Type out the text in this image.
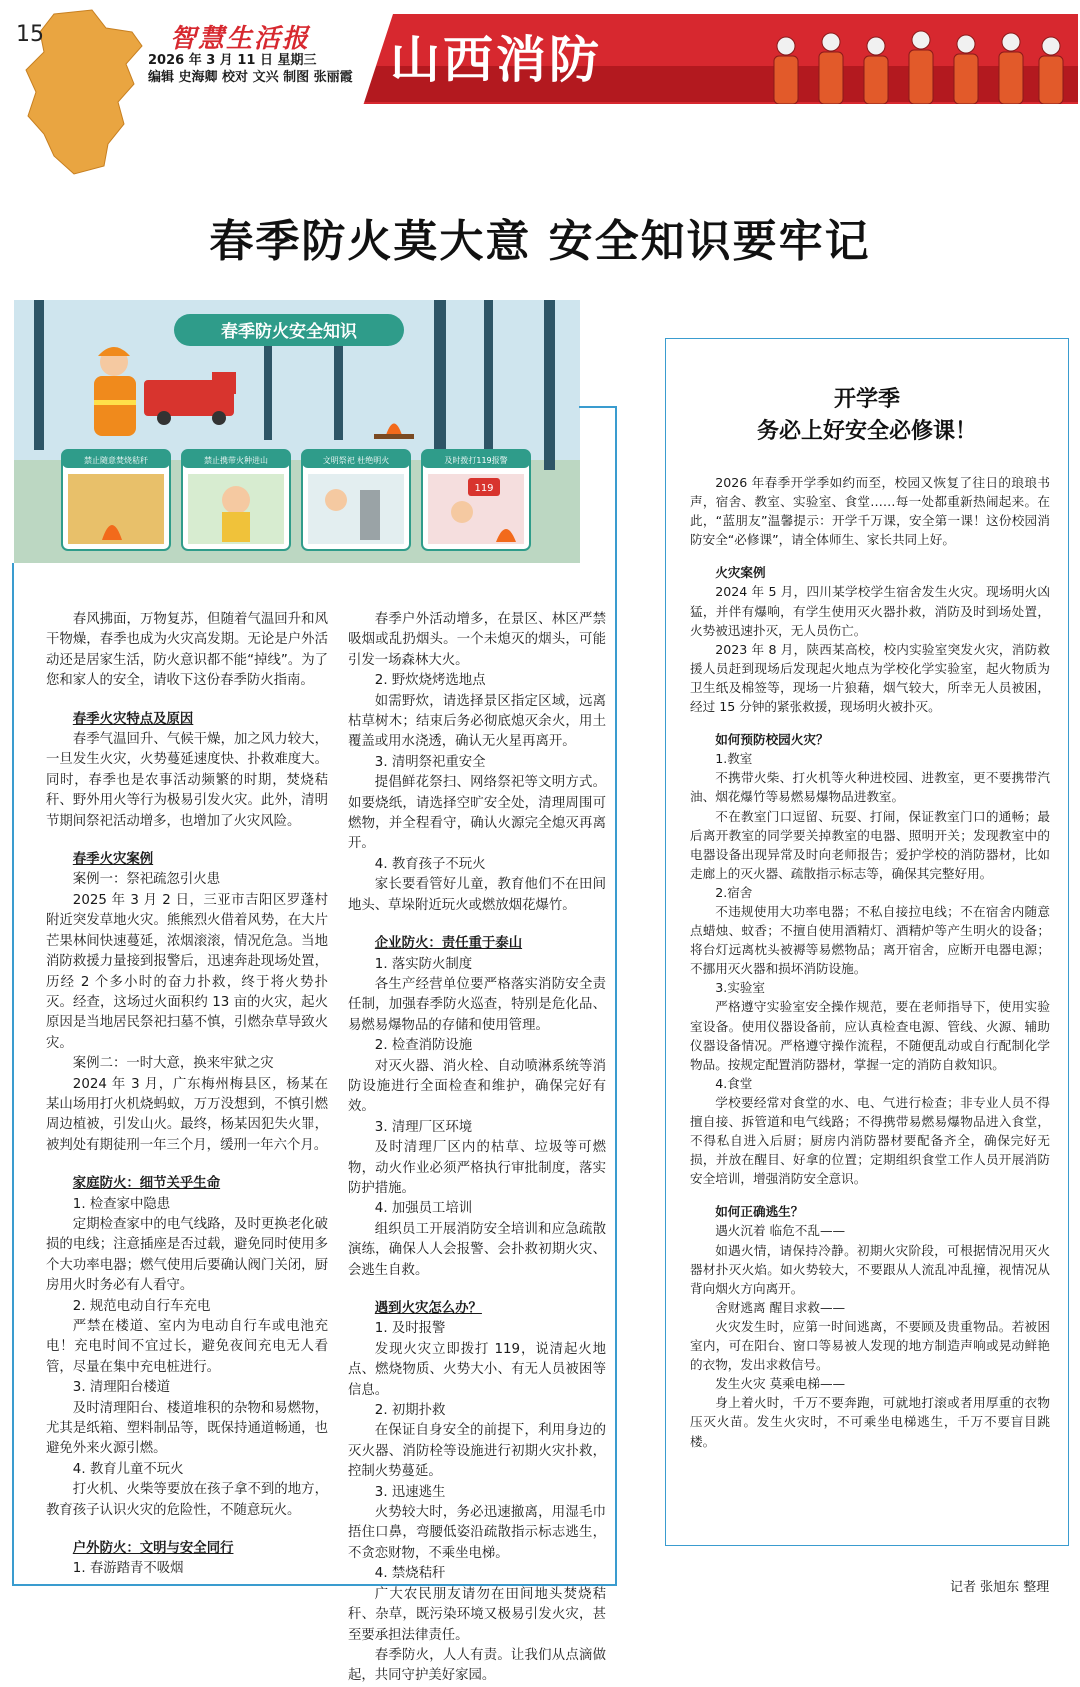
15	智慧生活报
2026 年 3 月 11 日 星期三
编辑 史海卿 校对 文兴 制图 张丽霞 山西消防
春季防火莫大意 安全知识要牢记
春季防火安全知识
禁止随意焚烧秸秆	禁止携带火种进山	文明祭祀 杜绝明火	及时拨打119报警
119

春风拂面，万物复苏，但随着气温回升和风干物燥，春季也成为火灾高发期。无论是户外活动还是居家生活，防火意识都不能“掉线”。为了您和家人的安全，请收下这份春季防火指南。

春季火灾特点及原因

春季气温回升、气候干燥，加之风力较大，一旦发生火灾，火势蔓延速度快、扑救难度大。同时，春季也是农事活动频繁的时期，焚烧秸秆、野外用火等行为极易引发火灾。此外，清明节期间祭祀活动增多，也增加了火灾风险。

春季火灾案例

案例一：祭祀疏忽引火患

2025 年 3 月 2 日，三亚市吉阳区罗蓬村附近突发草地火灾。熊熊烈火借着风势，在大片芒果林间快速蔓延，浓烟滚滚，情况危急。当地消防救援力量接到报警后，迅速奔赴现场处置，历经 2 个多小时的奋力扑救，终于将火势扑灭。经查，这场过火面积约 13 亩的火灾，起火原因是当地居民祭祀扫墓不慎，引燃杂草导致火灾。

案例二：一时大意，换来牢狱之灾

2024 年 3 月，广东梅州梅县区，杨某在某山场用打火机烧蚂蚁，万万没想到，不慎引燃周边植被，引发山火。最终，杨某因犯失火罪，被判处有期徒刑一年三个月，缓刑一年六个月。

家庭防火：细节关乎生命

1. 检查家中隐患

定期检查家中的电气线路，及时更换老化破损的电线；注意插座是否过载，避免同时使用多个大功率电器；燃气使用后要确认阀门关闭，厨房用火时务必有人看守。

2. 规范电动自行车充电

严禁在楼道、室内为电动自行车或电池充电！充电时间不宜过长，避免夜间充电无人看管，尽量在集中充电桩进行。

3. 清理阳台楼道

及时清理阳台、楼道堆积的杂物和易燃物，尤其是纸箱、塑料制品等，既保持通道畅通，也避免外来火源引燃。

4. 教育儿童不玩火

打火机、火柴等要放在孩子拿不到的地方，教育孩子认识火灾的危险性，不随意玩火。

户外防火：文明与安全同行

1. 春游踏青不吸烟

春季户外活动增多，在景区、林区严禁吸烟或乱扔烟头。一个未熄灭的烟头，可能引发一场森林大火。

2. 野炊烧烤选地点

如需野炊，请选择景区指定区域，远离枯草树木；结束后务必彻底熄灭余火，用土覆盖或用水浇透，确认无火星再离开。

3. 清明祭祀重安全

提倡鲜花祭扫、网络祭祀等文明方式。如要烧纸，请选择空旷安全处，清理周围可燃物，并全程看守，确认火源完全熄灭再离开。

4. 教育孩子不玩火

家长要看管好儿童，教育他们不在田间地头、草垛附近玩火或燃放烟花爆竹。

企业防火：责任重于泰山

1. 落实防火制度

各生产经营单位要严格落实消防安全责任制，加强春季防火巡查，特别是危化品、易燃易爆物品的存储和使用管理。

2. 检查消防设施

对灭火器、消火栓、自动喷淋系统等消防设施进行全面检查和维护，确保完好有效。

3. 清理厂区环境

及时清理厂区内的枯草、垃圾等可燃物，动火作业必须严格执行审批制度，落实防护措施。

4. 加强员工培训

组织员工开展消防安全培训和应急疏散演练，确保人人会报警、会扑救初期火灾、会逃生自救。

遇到火灾怎么办？

1. 及时报警

发现火灾立即拨打 119，说清起火地点、燃烧物质、火势大小、有无人员被困等信息。

2. 初期扑救

在保证自身安全的前提下，利用身边的灭火器、消防栓等设施进行初期火灾扑救，控制火势蔓延。

3. 迅速逃生

火势较大时，务必迅速撤离，用湿毛巾捂住口鼻，弯腰低姿沿疏散指示标志逃生，不贪恋财物，不乘坐电梯。

4. 禁烧秸秆

广大农民朋友请勿在田间地头焚烧秸秆、杂草，既污染环境又极易引发火灾，甚至要承担法律责任。

春季防火，人人有责。让我们从点滴做起，共同守护美好家园。

开学季
务必上好安全必修课！

2026 年春季开学季如约而至，校园又恢复了往日的琅琅书声，宿舍、教室、实验室、食堂……每一处都重新热闹起来。在此，“蓝朋友”温馨提示：开学千万课，安全第一课！这份校园消防安全“必修课”，请全体师生、家长共同上好。

火灾案例

2024 年 5 月，四川某学校学生宿舍发生火灾。现场明火凶猛，并伴有爆响，有学生使用灭火器扑救，消防及时到场处置，火势被迅速扑灭，无人员伤亡。

2023 年 8 月，陕西某高校，校内实验室突发火灾，消防救援人员赶到现场后发现起火地点为学校化学实验室，起火物质为卫生纸及棉签等，现场一片狼藉，烟气较大，所幸无人员被困，经过 15 分钟的紧张救援，现场明火被扑灭。

如何预防校园火灾？

1.教室

不携带火柴、打火机等火种进校园、进教室，更不要携带汽油、烟花爆竹等易燃易爆物品进教室。

不在教室门口逗留、玩耍、打闹，保证教室门口的通畅；最后离开教室的同学要关掉教室的电器、照明开关；发现教室中的电器设备出现异常及时向老师报告；爱护学校的消防器材，比如走廊上的灭火器、疏散指示标志等，确保其完整好用。

2.宿舍

不违规使用大功率电器；不私自接拉电线；不在宿舍内随意点蜡烛、蚊香；不擅自使用酒精灯、酒精炉等产生明火的设备；将台灯远离枕头被褥等易燃物品；离开宿舍，应断开电器电源；不挪用灭火器和损坏消防设施。

3.实验室

严格遵守实验室安全操作规范，要在老师指导下，使用实验室设备。使用仪器设备前，应认真检查电源、管线、火源、辅助仪器设备情况。严格遵守操作流程，不随便乱动或自行配制化学物品。按规定配置消防器材，掌握一定的消防自救知识。

4.食堂

学校要经常对食堂的水、电、气进行检查；非专业人员不得擅自接、拆管道和电气线路；不得携带易燃易爆物品进入食堂，不得私自进入后厨；厨房内消防器材要配备齐全，确保完好无损，并放在醒目、好拿的位置；定期组织食堂工作人员开展消防安全培训，增强消防安全意识。

如何正确逃生？

遇火沉着 临危不乱——

如遇火情，请保持冷静。初期火灾阶段，可根据情况用灭火器材扑灭火焰。如火势较大，不要跟从人流乱冲乱撞，视情况从背向烟火方向离开。

舍财逃离 醒目求救——

火灾发生时，应第一时间逃离，不要顾及贵重物品。若被困室内，可在阳台、窗口等易被人发现的地方制造声响或晃动鲜艳的衣物，发出求救信号。

发生火灾 莫乘电梯——

身上着火时，千万不要奔跑，可就地打滚或者用厚重的衣物压灭火苗。发生火灾时，不可乘坐电梯逃生，千万不要盲目跳楼。

记者 张旭东 整理
